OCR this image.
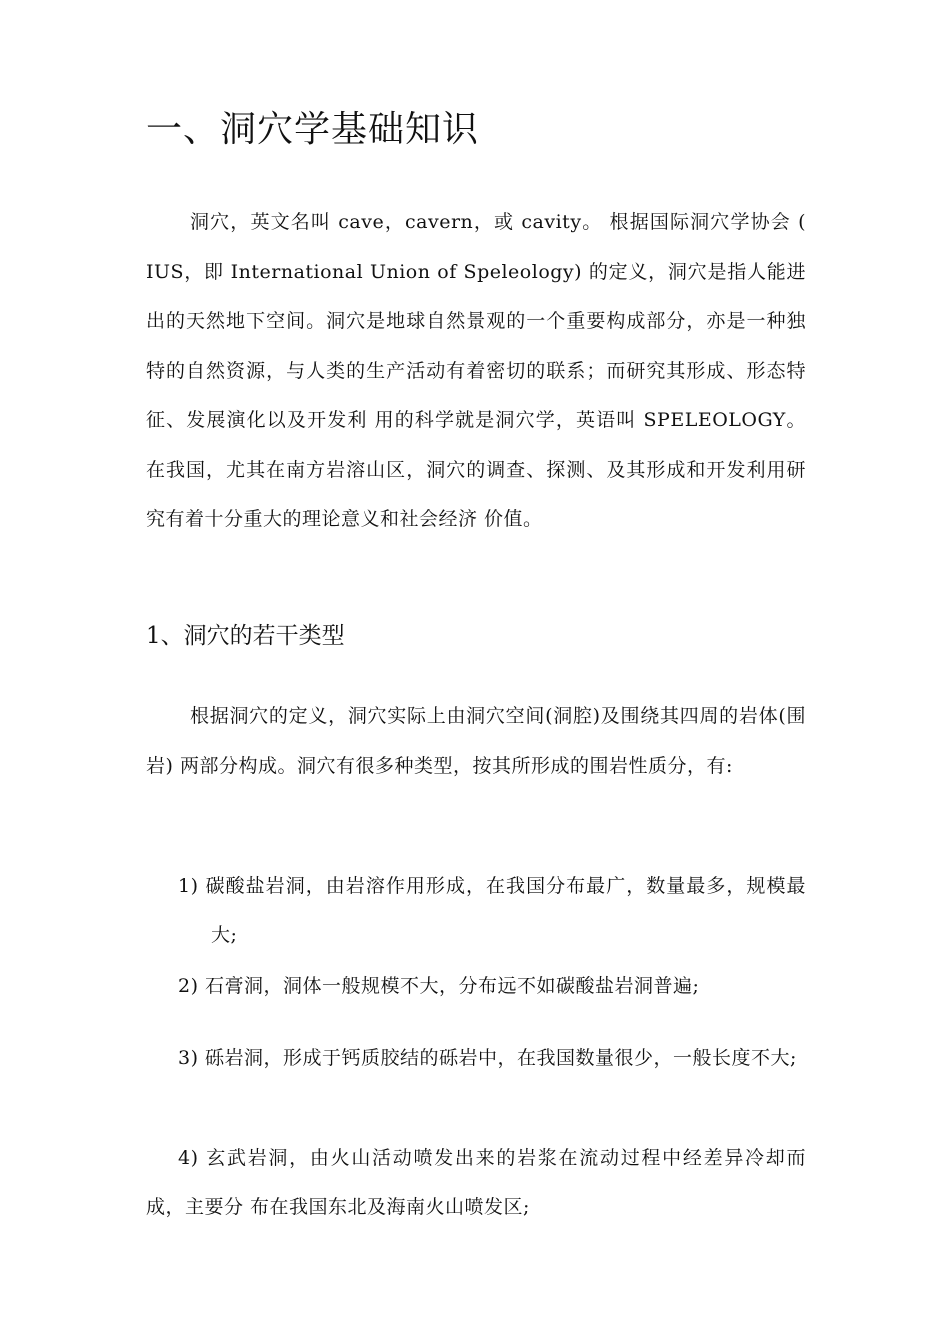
一、洞穴学基础知识

洞穴，英文名叫 cave，cavern，或 cavity。 根据国际洞穴学协会 ( IUS，即 International Union of Speleology) 的定义，洞穴是指人能进出的天然地下空间。洞穴是地球自然景观的一个重要构成部分，亦是一种独特的自然资源，与人类的生产活动有着密切的联系；而研究其形成、形态特征、发展演化以及开发利 用的科学就是洞穴学，英语叫 SPELEOLOGY。在我国，尤其在南方岩溶山区，洞穴的调查、探测、及其形成和开发利用研究有着十分重大的理论意义和社会经济 价值。

1、洞穴的若干类型

根据洞穴的定义，洞穴实际上由洞穴空间(洞腔)及围绕其四周的岩体(围岩) 两部分构成。洞穴有很多种类型，按其所形成的围岩性质分，有:

1) 碳酸盐岩洞，由岩溶作用形成，在我国分布最广，数量最多，规模最大;

2) 石膏洞，洞体一般规模不大，分布远不如碳酸盐岩洞普遍;

3) 砾岩洞，形成于钙质胶结的砾岩中，在我国数量很少，一般长度不大;

4) 玄武岩洞，由火山活动喷发出来的岩浆在流动过程中经差异冷却而成，主要分 布在我国东北及海南火山喷发区;
